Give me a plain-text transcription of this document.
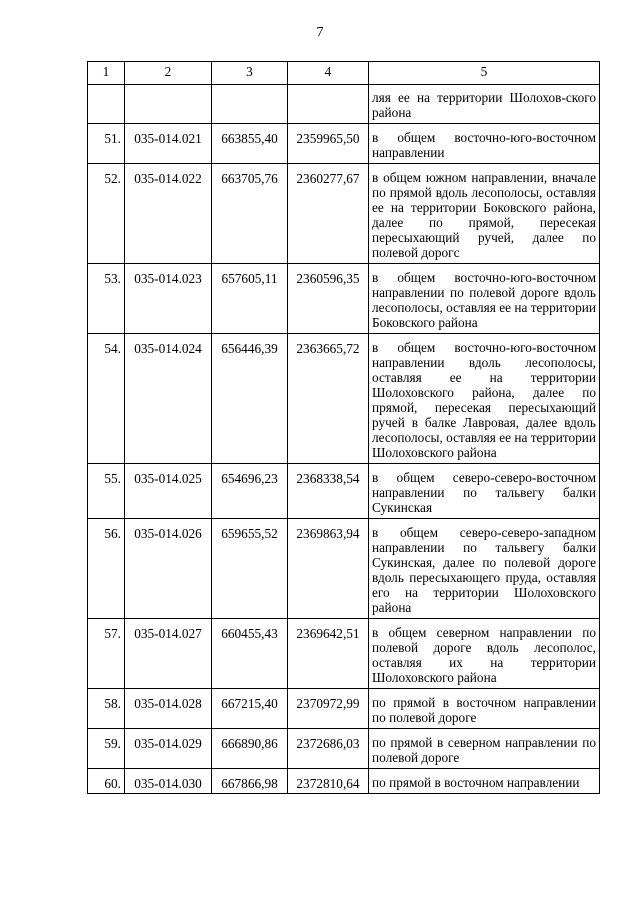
7
1	2	3	4	5
				ляя ее на территории Шолохов-ского района
51.	035-014.021	663855,40	2359965,50	в общем восточно-юго-восточном направлении
52.	035-014.022	663705,76	2360277,67	в общем южном направлении, вначале по прямой вдоль лесополосы, оставляя ее на территории Боковского района, далее по прямой, пересекая пересыхающий ручей, далее по полевой дорогс
53.	035-014.023	657605,11	2360596,35	в общем восточно-юго-восточном направлении по полевой дороге вдоль лесополосы, оставляя ее на территории Боковского района
54.	035-014.024	656446,39	2363665,72	в общем восточно-юго-восточном направлении вдоль лесополосы, оставляя ее на территории Шолоховского района, далее по прямой, пересекая пересыхающий ручей в балке Лавровая, далее вдоль лесополосы, оставляя ее на территории Шолоховского района
55.	035-014.025	654696,23	2368338,54	в общем северо-северо-восточном направлении по тальвегу балки Сукинская
56.	035-014.026	659655,52	2369863,94	в общем северо-северо-западном направлении по тальвегу балки Сукинская, далее по полевой дороге вдоль пересыхающего пруда, оставляя его на территории Шолоховского района
57.	035-014.027	660455,43	2369642,51	в общем северном направлении по полевой дороге вдоль лесополос, оставляя их на территории Шолоховского района
58.	035-014.028	667215,40	2370972,99	по прямой в восточном направлении по полевой дороге
59.	035-014.029	666890,86	2372686,03	по прямой в северном направлении по полевой дороге
60.	035-014.030	667866,98	2372810,64	по прямой в восточном направлении
